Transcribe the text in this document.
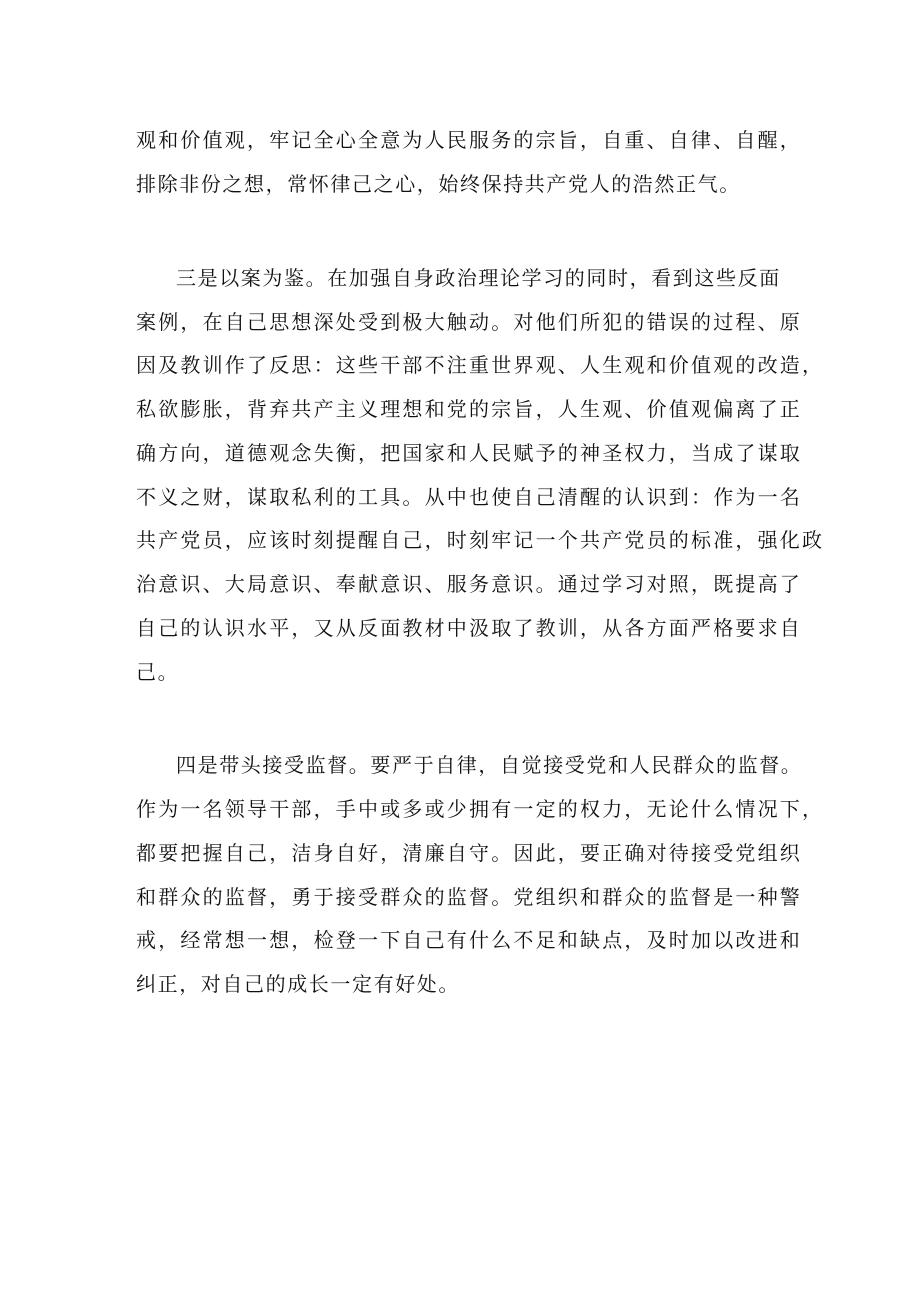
观和价值观，牢记全心全意为人民服务的宗旨，自重、自律、自醒，

排除非份之想，常怀律己之心，始终保持共产党人的浩然正气。

三是以案为鉴。在加强自身政治理论学习的同时，看到这些反面

案例，在自己思想深处受到极大触动。对他们所犯的错误的过程、原

因及教训作了反思：这些干部不注重世界观、人生观和价值观的改造，

私欲膨胀，背弃共产主义理想和党的宗旨，人生观、价值观偏离了正

确方向，道德观念失衡，把国家和人民赋予的神圣权力，当成了谋取

不义之财，谋取私利的工具。从中也使自己清醒的认识到：作为一名

共产党员，应该时刻提醒自己，时刻牢记一个共产党员的标准，强化政

治意识、大局意识、奉献意识、服务意识。通过学习对照，既提高了

自己的认识水平，又从反面教材中汲取了教训，从各方面严格要求自

己。

四是带头接受监督。要严于自律，自觉接受党和人民群众的监督。

作为一名领导干部，手中或多或少拥有一定的权力，无论什么情况下，

都要把握自己，洁身自好，清廉自守。因此，要正确对待接受党组织

和群众的监督，勇于接受群众的监督。党组织和群众的监督是一种警

戒，经常想一想，检登一下自己有什么不足和缺点，及时加以改进和

纠正，对自己的成长一定有好处。
